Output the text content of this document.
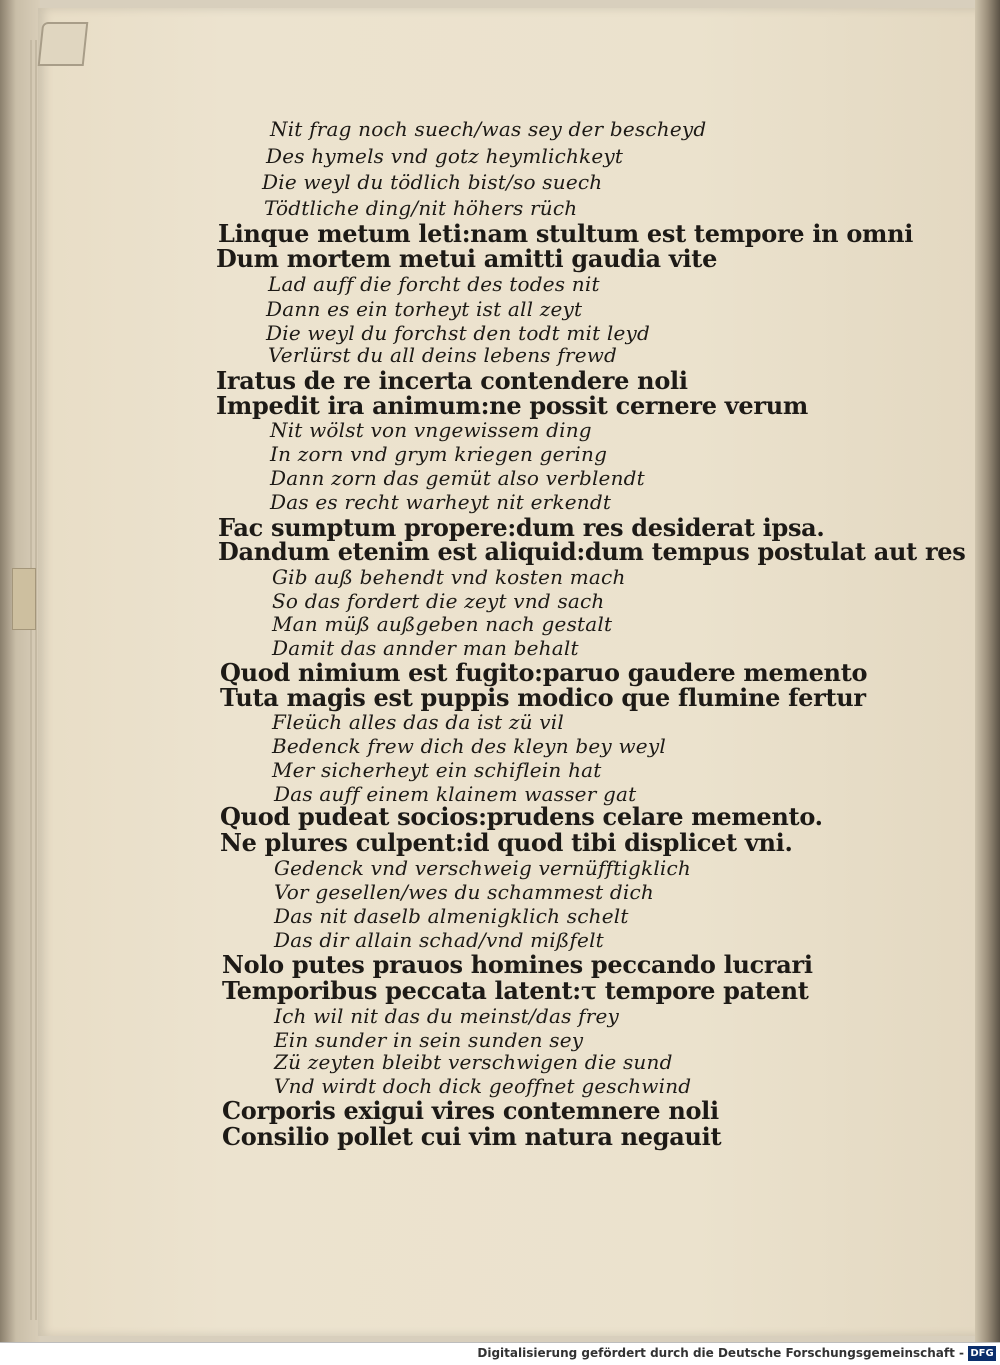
Nit frag noch suech/was sey der bescheyd
Des hymels vnd gotz heymlichkeyt
Die weyl du tödlich bist/so suech
Tödtliche ding/nit höhers rüch
Linque metum leti:nam stultum est tempore in omni
Dum mortem metui amitti gaudia vite
Lad auff die forcht des todes nit
Dann es ein torheyt ist all zeyt
Die weyl du forchst den todt mit leyd
Verlürst du all deins lebens frewd
Iratus de re incerta contendere noli
Impedit ira animum:ne possit cernere verum
Nit wölst von vngewissem ding
In zorn vnd grym kriegen gering
Dann zorn das gemüt also verblendt
Das es recht warheyt nit erkendt
Fac sumptum propere:dum res desiderat ipsa.
Dandum etenim est aliquid:dum tempus postulat aut res
Gib auß behendt vnd kosten mach
So das fordert die zeyt vnd sach
Man müß außgeben nach gestalt
Damit das annder man behalt
Quod nimium est fugito:paruo gaudere memento
Tuta magis est puppis modico que flumine fertur
Fleüch alles das da ist zü vil
Bedenck frew dich des kleyn bey weyl
Mer sicherheyt ein schiflein hat
Das auff einem klainem wasser gat
Quod pudeat socios:prudens celare memento.
Ne plures culpent:id quod tibi displicet vni.
Gedenck vnd verschweig vernüfftigklich
Vor gesellen/wes du schammest dich
Das nit daselb almenigklich schelt
Das dir allain schad/vnd mißfelt
Nolo putes prauos homines peccando lucrari
Temporibus peccata latent:τ tempore patent
Ich wil nit das du meinst/das frey
Ein sunder in sein sunden sey
Zü zeyten bleibt verschwigen die sund
Vnd wirdt doch dick geoffnet geschwind
Corporis exigui vires contemnere noli
Consilio pollet cui vim natura negauit
Digitalisierung gefördert durch die Deutsche Forschungsgemeinschaft - DFG
